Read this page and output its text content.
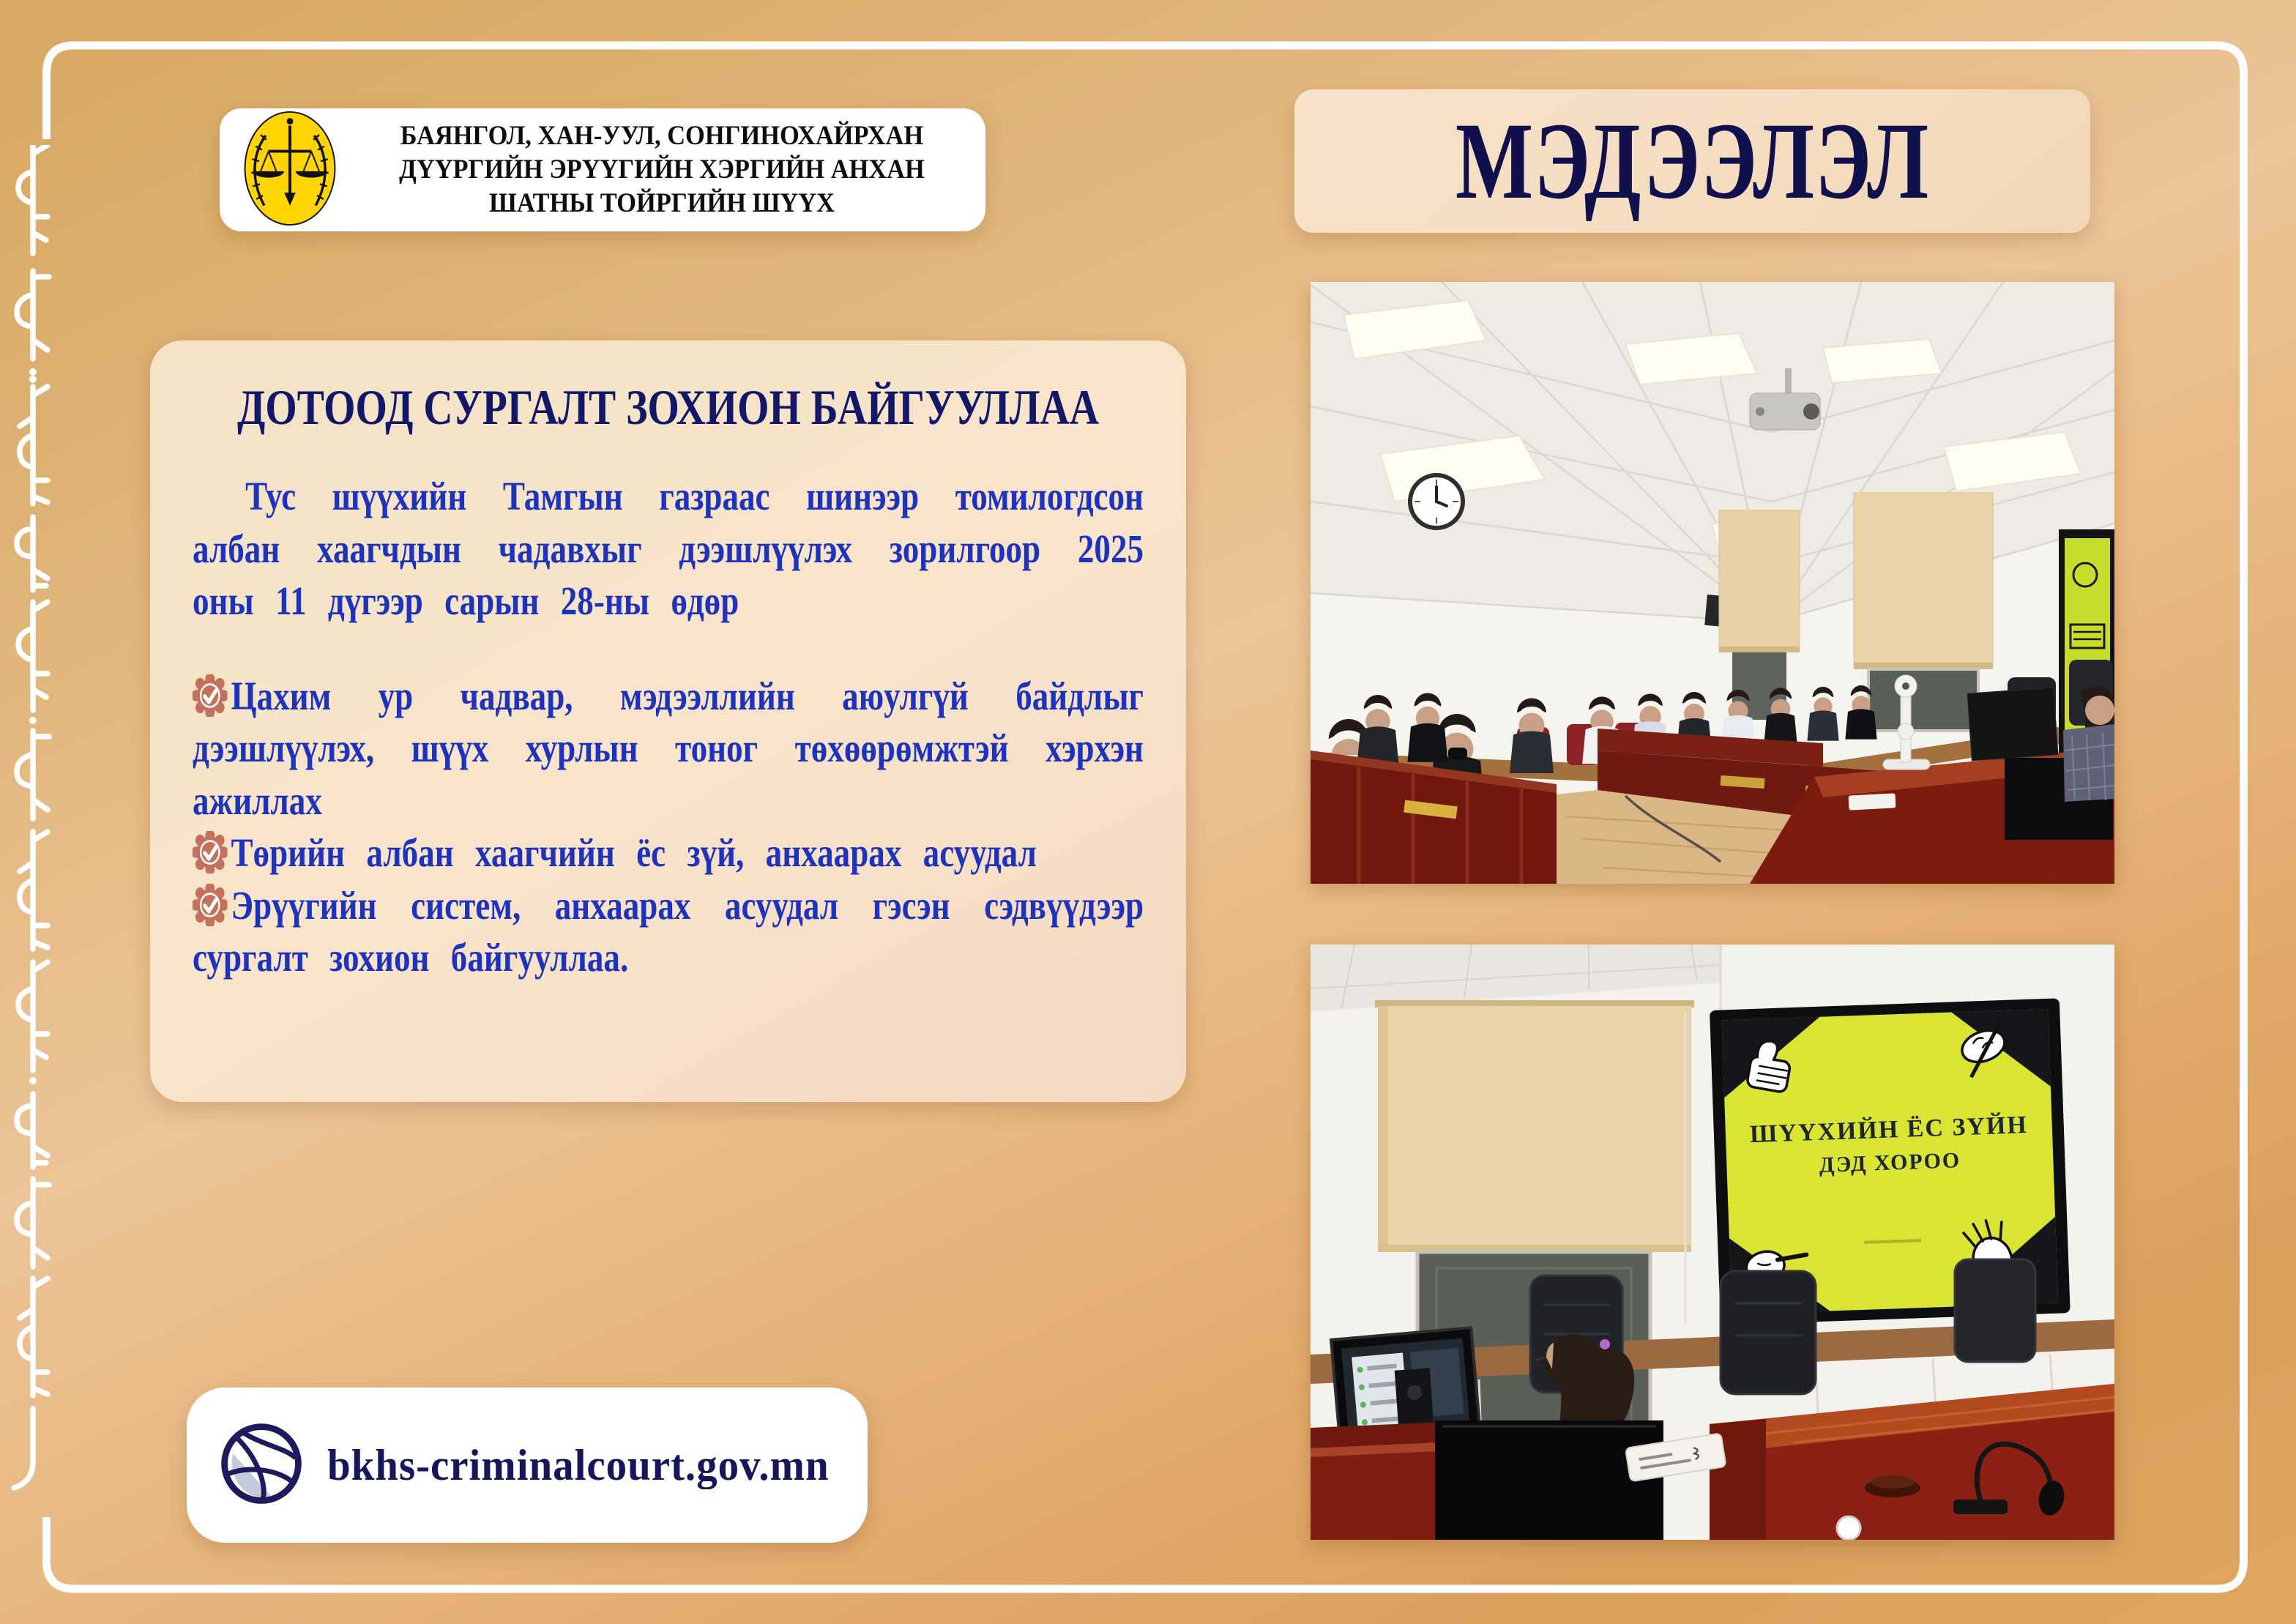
БАЯНГОЛ, ХАН-УУЛ, СОНГИНОХАЙРХАН
ДҮҮРГИЙН ЭРҮҮГИЙН ХЭРГИЙН АНХАН
ШАТНЫ ТОЙРГИЙН ШҮҮХ	МЭДЭЭЛЭЛ
ДОТООД СУРГАЛТ ЗОХИОН БАЙГУУЛЛАА

Тус шүүхийн Тамгын газраас шинээр томилогдсон албан хаагчдын чадавхыг дээшлүүлэх зорилгоор 2025 оны 11 дүгээр сарын 28-ны өдөр

Цахим ур чадвар, мэдээллийн аюулгүй байдлыг дээшлүүлэх, шүүх хурлын тоног төхөөрөмжтэй хэрхэн ажиллах

Төрийн албан хаагчийн ёс зүй, анхаарах асуудал

Эрүүгийн систем, анхаарах асуудал гэсэн сэдвүүдээр сургалт зохион байгууллаа.

bkhs-criminalcourt.gov.mn
ШҮҮХИЙН ЁС ЗҮЙН
ДЭД ХОРОО
